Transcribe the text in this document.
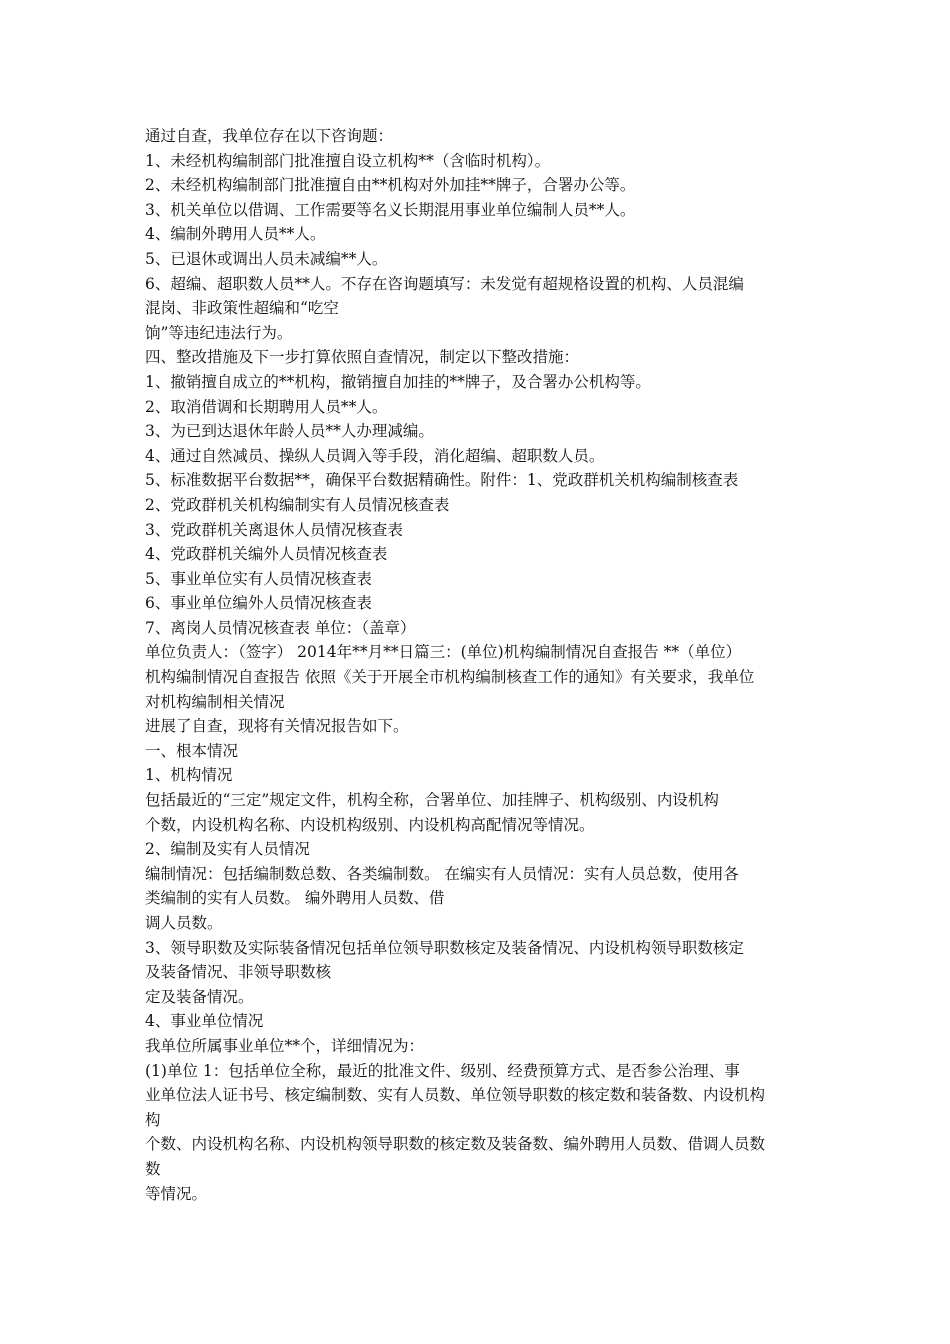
通过自查，我单位存在以下咨询题：
1、未经机构编制部门批准擅自设立机构**（含临时机构）。
2、未经机构编制部门批准擅自由**机构对外加挂**牌子，合署办公等。
3、机关单位以借调、工作需要等名义长期混用事业单位编制人员**人。
4、编制外聘用人员**人。
5、已退休或调出人员未减编**人。
6、超编、超职数人员**人。不存在咨询题填写：未发觉有超规格设置的机构、人员混编
混岗、非政策性超编和“吃空
饷”等违纪违法行为。
四、整改措施及下一步打算依照自查情况，制定以下整改措施：
1、撤销擅自成立的**机构，撤销擅自加挂的**牌子，及合署办公机构等。
2、取消借调和长期聘用人员**人。
3、为已到达退休年龄人员**人办理减编。
4、通过自然减员、操纵人员调入等手段，消化超编、超职数人员。
5、标准数据平台数据**，确保平台数据精确性。附件：1、党政群机关机构编制核查表
2、党政群机关机构编制实有人员情况核查表
3、党政群机关离退休人员情况核查表
4、党政群机关编外人员情况核查表
5、事业单位实有人员情况核查表
6、事业单位编外人员情况核查表
7、离岗人员情况核查表 单位：（盖章）
单位负责人：（签字） 2014年**月**日篇三：(单位)机构编制情况自查报告 **（单位）
机构编制情况自查报告 依照《关于开展全市机构编制核查工作的通知》有关要求，我单位
对机构编制相关情况
进展了自查，现将有关情况报告如下。
一、根本情况
1、机构情况
包括最近的“三定”规定文件，机构全称，合署单位、加挂牌子、机构级别、内设机构
个数，内设机构名称、内设机构级别、内设机构高配情况等情况。
2、编制及实有人员情况
编制情况：包括编制数总数、各类编制数。 在编实有人员情况：实有人员总数，使用各
类编制的实有人员数。 编外聘用人员数、借
调人员数。
3、领导职数及实际装备情况包括单位领导职数核定及装备情况、内设机构领导职数核定
及装备情况、非领导职数核
定及装备情况。
4、事业单位情况
我单位所属事业单位**个，详细情况为：
(1)单位 1：包括单位全称，最近的批准文件、级别、经费预算方式、是否参公治理、事
业单位法人证书号、核定编制数、实有人员数、单位领导职数的核定数和装备数、内设机构
构
个数、内设机构名称、内设机构领导职数的核定数及装备数、编外聘用人员数、借调人员数
数
等情况。
